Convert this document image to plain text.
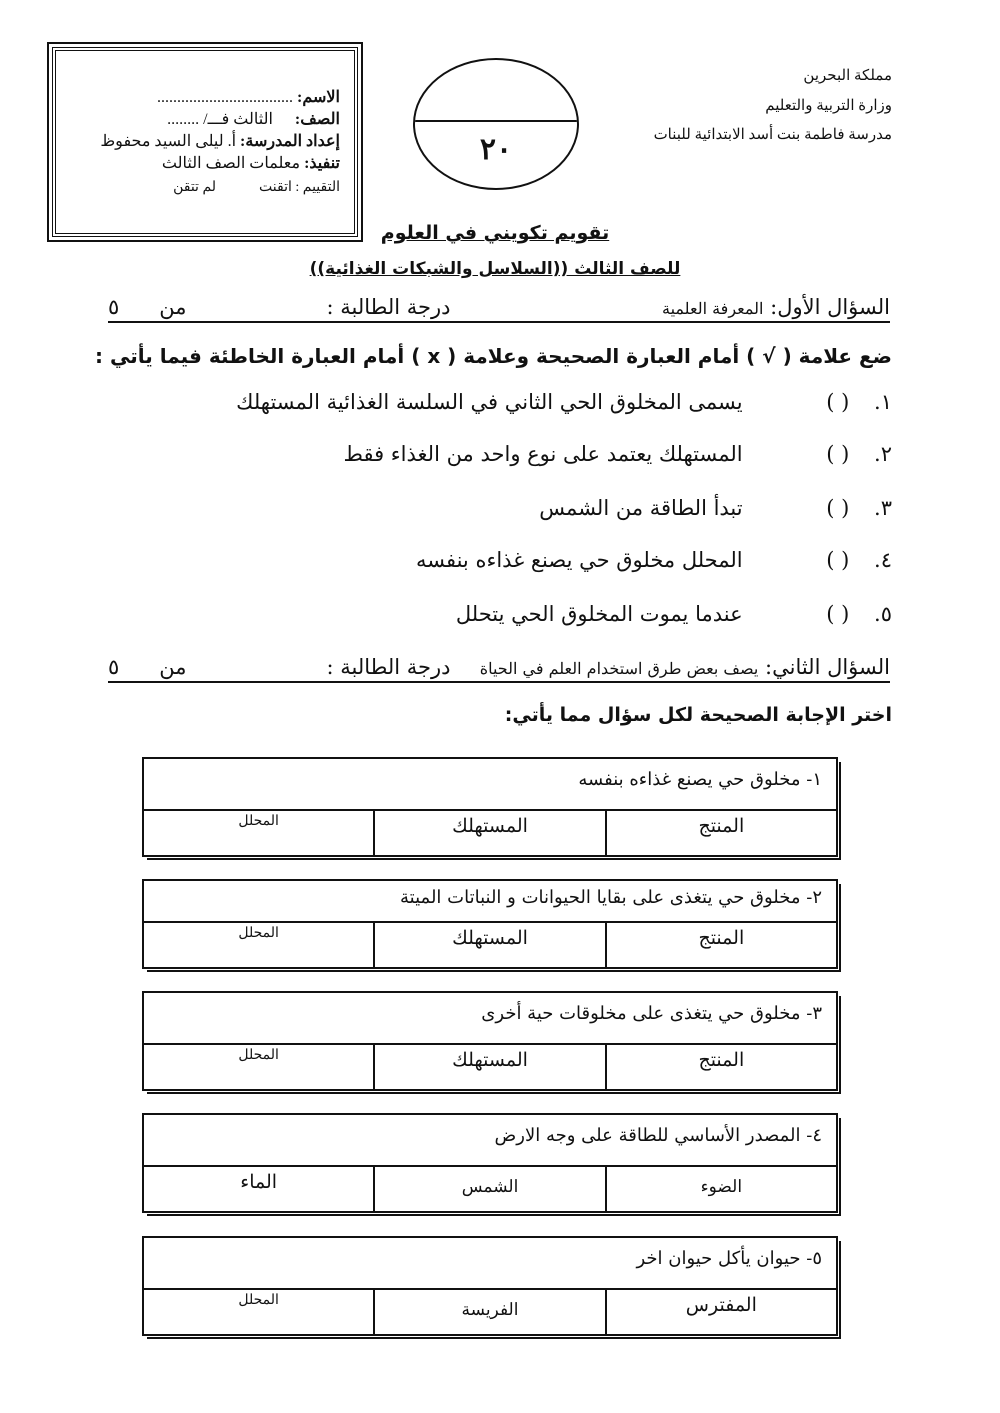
مملكة البحرين
وزارة التربية والتعليم
مدرسة فاطمة بنت أسد الابتدائية للبنات
٢٠
الاسم: ..................................
الصف:  الثالث فـــ/ ........
إعداد المدرسة: أ. ليلى السيد محفوظ
تنفيذ: معلمات الصف الثالث
التقييم : اتقنت  لم تتقن
تقويم تكويني في العلوم
للصف الثالث ((السلاسل والشبكات الغذائية))
السؤال الأول: المعرفة العلمية
درجة الطالبة :
من
٥
ضع علامة ( √ ) أمام العبارة الصحيحة وعلامة ( x ) أمام العبارة الخاطئة فيما يأتي :
١. ( ) يسمى المخلوق الحي الثاني في السلسة الغذائية المستهلك
٢. ( ) المستهلك يعتمد على نوع واحد من الغذاء فقط
٣. ( ) تبدأ الطاقة من الشمس
٤. ( ) المحلل مخلوق حي يصنع غذاءه بنفسه
٥. ( ) عندما يموت المخلوق الحي يتحلل
السؤال الثاني: يصف بعض طرق استخدام العلم في الحياة
درجة الطالبة :
من
٥
اختر الإجابة الصحيحة لكل سؤال مما يأتي:
١- مخلوق حي يصنع غذاءه بنفسه
المنتج
المستهلك
المحلل
٢- مخلوق حي يتغذى على بقايا الحيوانات و النباتات الميتة
المنتج
المستهلك
المحلل
٣- مخلوق حي يتغذى على مخلوقات حية أخرى
المنتج
المستهلك
المحلل
٤- المصدر الأساسي للطاقة على وجه الارض
الضوء
الشمس
الماء
٥- حيوان يأكل حيوان اخر
المفترس
الفريسة
المحلل
